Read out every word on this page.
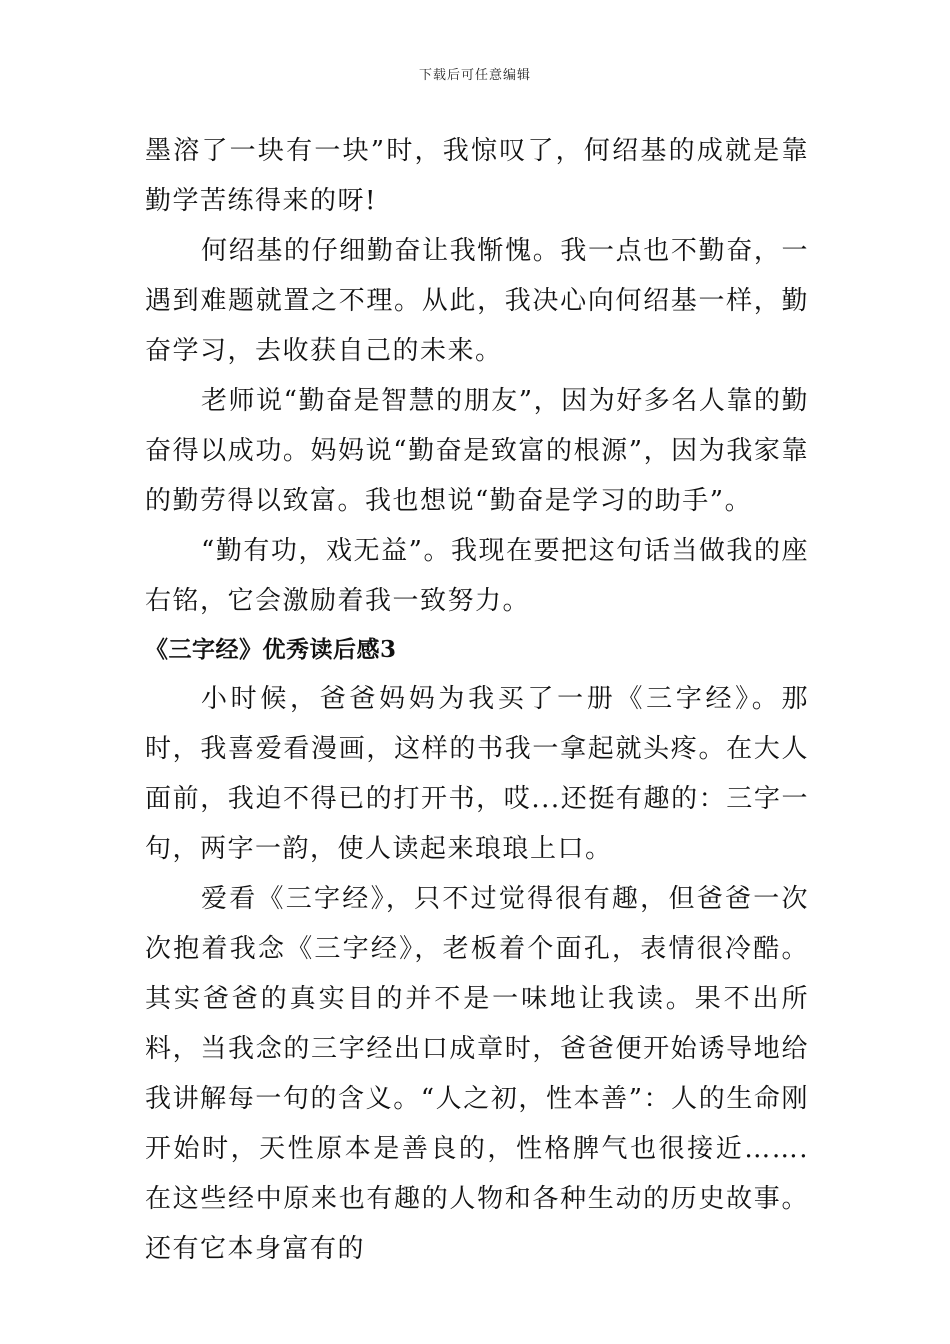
下载后可任意编辑

墨溶了一块有一块”时，我惊叹了，何绍基的成就是靠勤学苦练得来的呀!

何绍基的仔细勤奋让我惭愧。我一点也不勤奋，一遇到难题就置之不理。从此，我决心向何绍基一样，勤奋学习，去收获自己的未来。

老师说“勤奋是智慧的朋友”，因为好多名人靠的勤奋得以成功。妈妈说“勤奋是致富的根源”，因为我家靠的勤劳得以致富。我也想说“勤奋是学习的助手”。

“勤有功，戏无益”。我现在要把这句话当做我的座右铭，它会激励着我一致努力。

《三字经》优秀读后感3

小时候，爸爸妈妈为我买了一册《三字经》。那时，我喜爱看漫画，这样的书我一拿起就头疼。在大人面前，我迫不得已的打开书，哎...还挺有趣的：三字一句，两字一韵，使人读起来琅琅上口。

爱看《三字经》，只不过觉得很有趣，但爸爸一次次抱着我念《三字经》，老板着个面孔，表情很冷酷。其实爸爸的真实目的并不是一味地让我读。果不出所料，当我念的三字经出口成章时，爸爸便开始诱导地给我讲解每一句的含义。“人之初，性本善”：人的生命刚开始时，天性原本是善良的，性格脾气也很接近…….在这些经中原来也有趣的人物和各种生动的历史故事。还有它本身富有的
